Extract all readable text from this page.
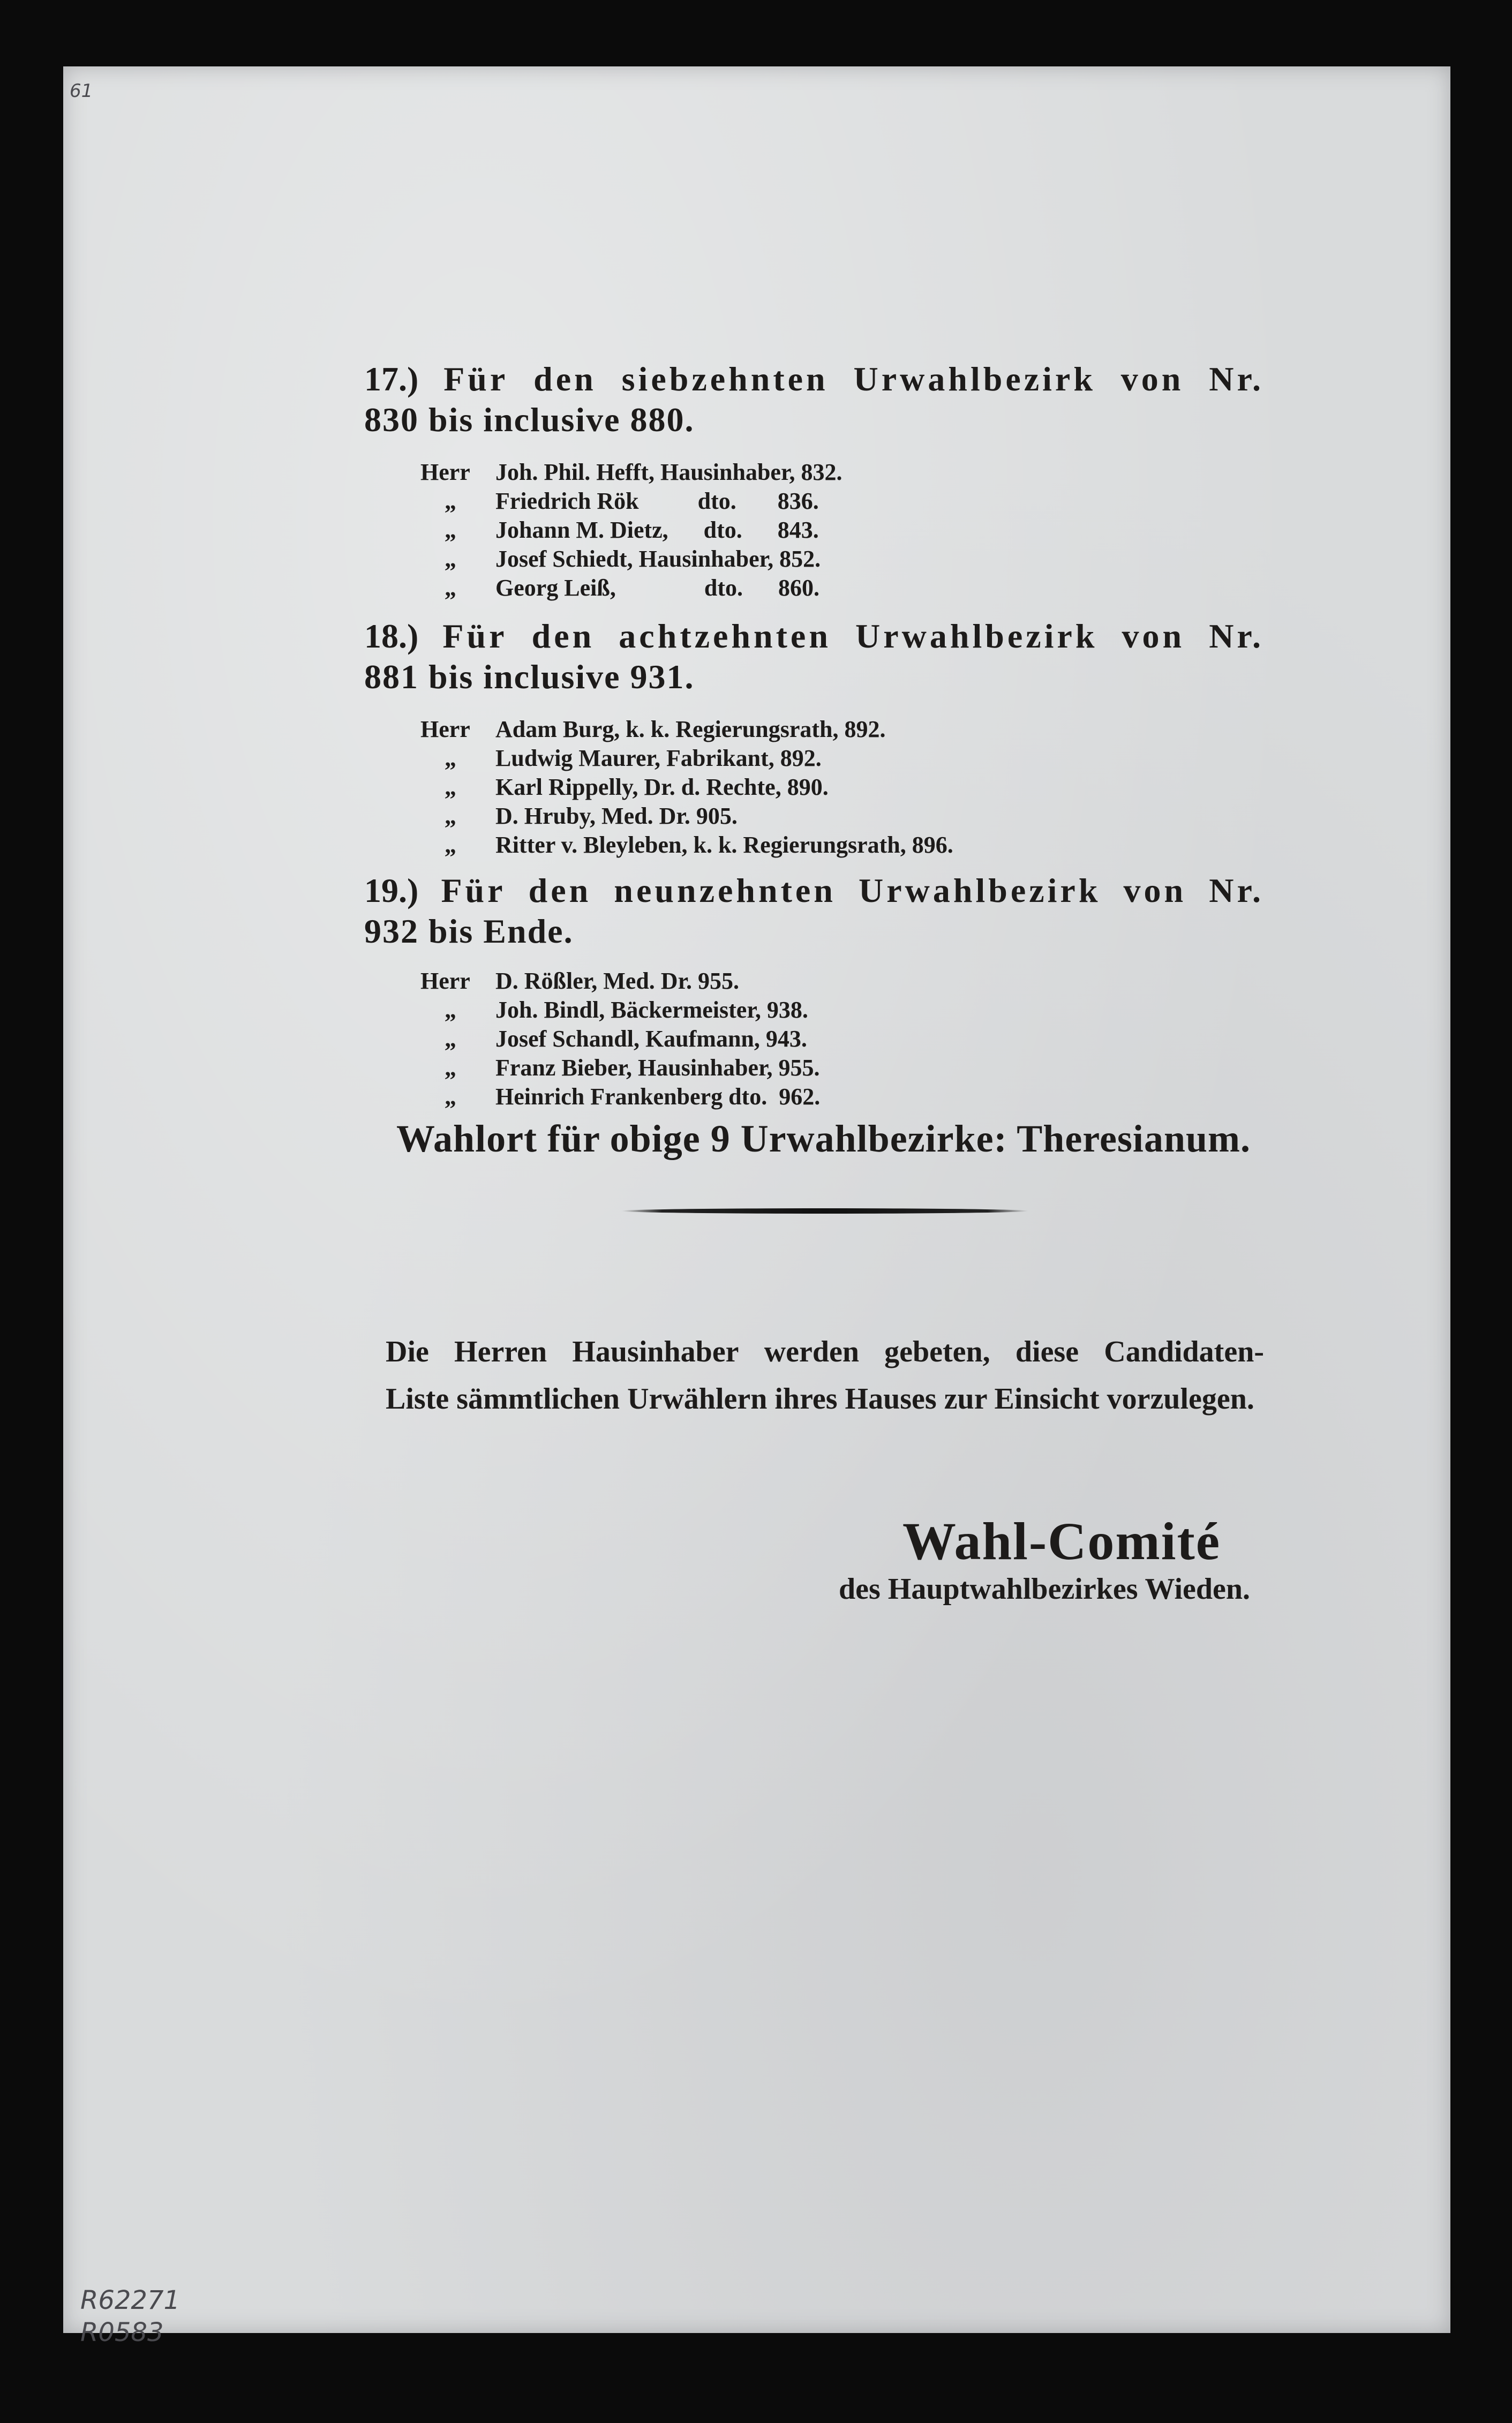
61
R62271
R0583
17.) Für den siebzehnten Urwahlbezirk von Nr.
830 bis inclusive 880.
Herr Joh. Phil. Hefft, Hausinhaber, 832.
„ Friedrich Rök          dto.       836.
„ Johann M. Dietz,      dto.      843.
„ Josef Schiedt, Hausinhaber, 852.
„ Georg Leiß,               dto.      860.
18.) Für den achtzehnten Urwahlbezirk von Nr.
881 bis inclusive 931.
Herr Adam Burg, k. k. Regierungsrath, 892.
„ Ludwig Maurer, Fabrikant, 892.
„ Karl Rippelly, Dr. d. Rechte, 890.
„ D. Hruby, Med. Dr. 905.
„ Ritter v. Bleyleben, k. k. Regierungsrath, 896.
19.) Für den neunzehnten Urwahlbezirk von Nr.
932 bis Ende.
Herr D. Rößler, Med. Dr. 955.
„ Joh. Bindl, Bäckermeister, 938.
„ Josef Schandl, Kaufmann, 943.
„ Franz Bieber, Hausinhaber, 955.
„ Heinrich Frankenberg dto.  962.
Wahlort für obige 9 Urwahlbezirke: Theresianum.
Die Herren Hausinhaber werden gebeten, diese Candidaten-
Liste sämmtlichen Urwählern ihres Hauses zur Einsicht vorzulegen.
Wahl-Comité
des Hauptwahlbezirkes Wieden.
